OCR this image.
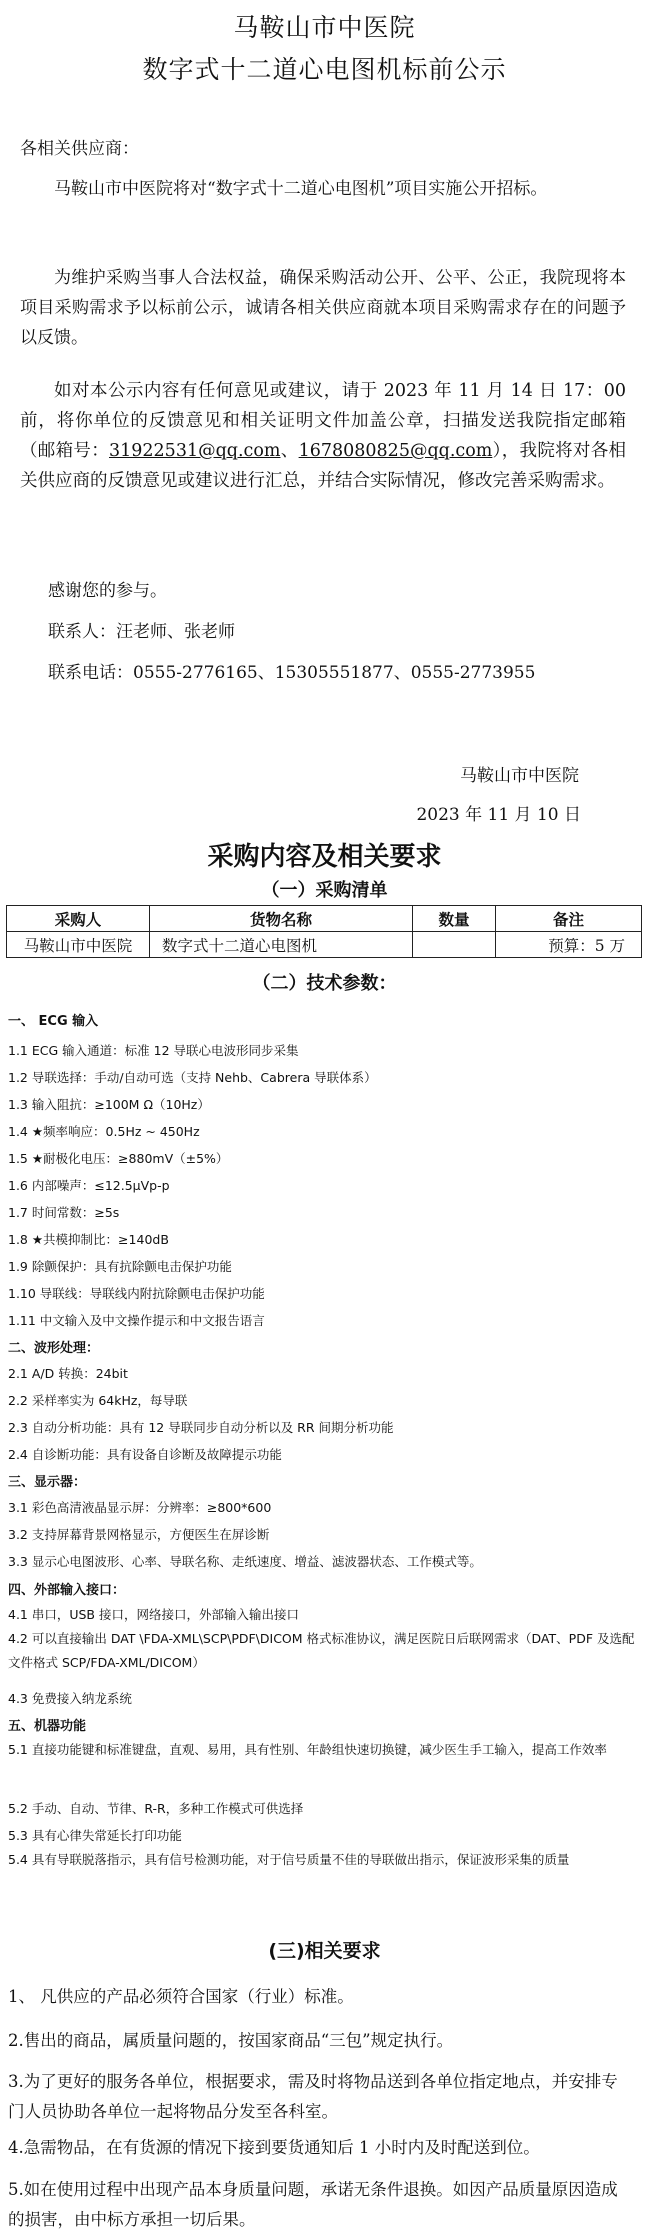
马鞍山市中医院
数字式十二道心电图机标前公示
各相关供应商：
马鞍山市中医院将对“数字式十二道心电图机”项目实施公开招标。
为维护采购当事人合法权益，确保采购活动公开、公平、公正，我院现将本项目采购需求予以标前公示，诚请各相关供应商就本项目采购需求存在的问题予以反馈。
如对本公示内容有任何意见或建议，请于 2023 年 11 月 14 日 17：00 前，将你单位的反馈意见和相关证明文件加盖公章，扫描发送我院指定邮箱（邮箱号：31922531@qq.com、1678080825@qq.com），我院将对各相关供应商的反馈意见或建议进行汇总，并结合实际情况，修改完善采购需求。
感谢您的参与。
联系人：汪老师、张老师
联系电话：0555-2776165、15305551877、0555-2773955
马鞍山市中医院
2023 年 11 月 10 日
采购内容及相关要求
（一）采购清单
采购人	货物名称	数量	备注
马鞍山市中医院	数字式十二道心电图机		预算：5 万
（二）技术参数：
一、 ECG 输入
1.1 ECG 输入通道：标准 12 导联心电波形同步采集
1.2 导联选择：手动/自动可选（支持 Nehb、Cabrera 导联体系）
1.3 输入阻抗：≥100M Ω（10Hz）
1.4 ★频率响应：0.5Hz ~ 450Hz
1.5 ★耐极化电压：≥880mV（±5%）
1.6 内部噪声：≤12.5μVp-p
1.7 时间常数：≥5s
1.8 ★共模抑制比：≥140dB
1.9 除颤保护：具有抗除颤电击保护功能
1.10 导联线：导联线内附抗除颤电击保护功能
1.11 中文输入及中文操作提示和中文报告语言
二、波形处理：
2.1 A/D 转换：24bit
2.2 采样率实为 64kHz，每导联
2.3 自动分析功能：具有 12 导联同步自动分析以及 RR 间期分析功能
2.4 自诊断功能：具有设备自诊断及故障提示功能
三、显示器：
3.1 彩色高清液晶显示屏：分辨率：≥800*600
3.2 支持屏幕背景网格显示，方便医生在屏诊断
3.3 显示心电图波形、心率、导联名称、走纸速度、增益、滤波器状态、工作模式等。
四、外部输入接口：
4.1 串口，USB 接口，网络接口，外部输入输出接口
4.2 可以直接输出 DAT \FDA-XML\SCP\PDF\DICOM 格式标准协议，满足医院日后联网需求（DAT、PDF 及选配文件格式 SCP/FDA-XML/DICOM）
4.3 免费接入纳龙系统
五、机器功能
5.1 直接功能键和标准键盘，直观、易用，具有性别、年龄组快速切换键，减少医生手工输入，提高工作效率
5.2 手动、自动、节律、R-R，多种工作模式可供选择
5.3 具有心律失常延长打印功能
5.4 具有导联脱落指示，具有信号检测功能，对于信号质量不佳的导联做出指示，保证波形采集的质量
(三)相关要求
1、 凡供应的产品必须符合国家（行业）标准。
2.售出的商品，属质量问题的，按国家商品“三包”规定执行。
3.为了更好的服务各单位，根据要求，需及时将物品送到各单位指定地点，并安排专门人员协助各单位一起将物品分发至各科室。
4.急需物品，在有货源的情况下接到要货通知后 1 小时内及时配送到位。
5.如在使用过程中出现产品本身质量问题，承诺无条件退换。如因产品质量原因造成的损害，由中标方承担一切后果。
